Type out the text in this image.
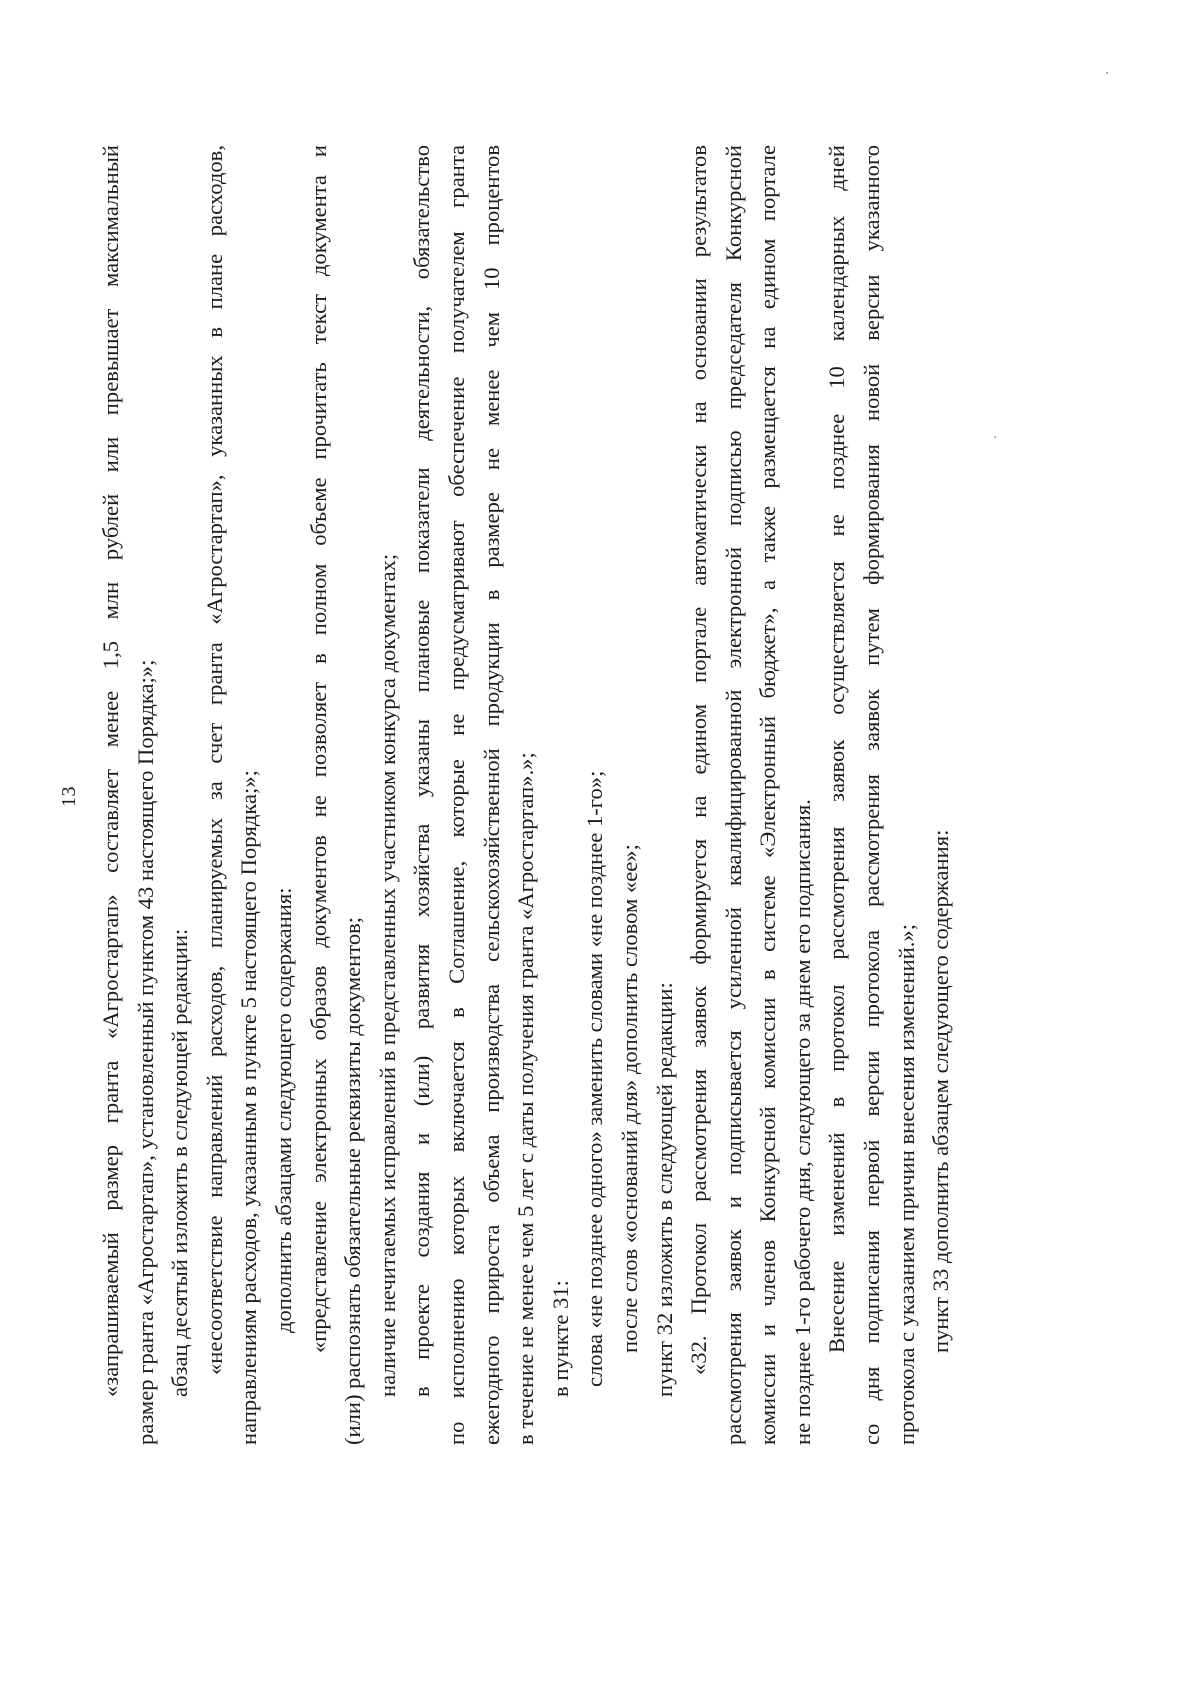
13 «запрашиваемый размер гранта «Агростартап» составляет менее 1,5 млн рублей или превышает максимальный размер гранта «Агростартап», установленный пунктом 43 настоящего Порядка;»; абзац десятый изложить в следующей редакции: «несоответствие направлений расходов, планируемых за счет гранта «Агростартап», указанных в плане расходов, направлениям расходов, указанным в пункте 5 настоящего Порядка;»; дополнить абзацами следующего содержания: «представление электронных образов документов не позволяет в полном объеме прочитать текст документа и (или) распознать обязательные реквизиты документов; наличие нечитаемых исправлений в представленных участником конкурса документах; в проекте создания и (или) развития хозяйства указаны плановые показатели деятельности, обязательство по исполнению которых включается в Соглашение, которые не предусматривают обеспечение получателем гранта ежегодного прироста объема производства сельскохозяйственной продукции в размере не менее чем 10 процентов в течение не менее чем 5 лет с даты получения гранта «Агростартап».»; в пункте 31: слова «не позднее одного» заменить словами «не позднее 1-го»; после слов «оснований для» дополнить словом «ее»; пункт 32 изложить в следующей редакции: «32. Протокол рассмотрения заявок формируется на едином портале автоматически на основании результатов рассмотрения заявок и подписывается усиленной квалифицированной электронной подписью председателя Конкурсной комиссии и членов Конкурсной комиссии в системе «Электронный бюджет», а также размещается на едином портале не позднее 1-го рабочего дня, следующего за днем его подписания. Внесение изменений в протокол рассмотрения заявок осуществляется не позднее 10 календарных дней со дня подписания первой версии протокола рассмотрения заявок путем формирования новой версии указанного протокола с указанием причин внесения изменений.»; пункт 33 дополнить абзацем следующего содержания:
